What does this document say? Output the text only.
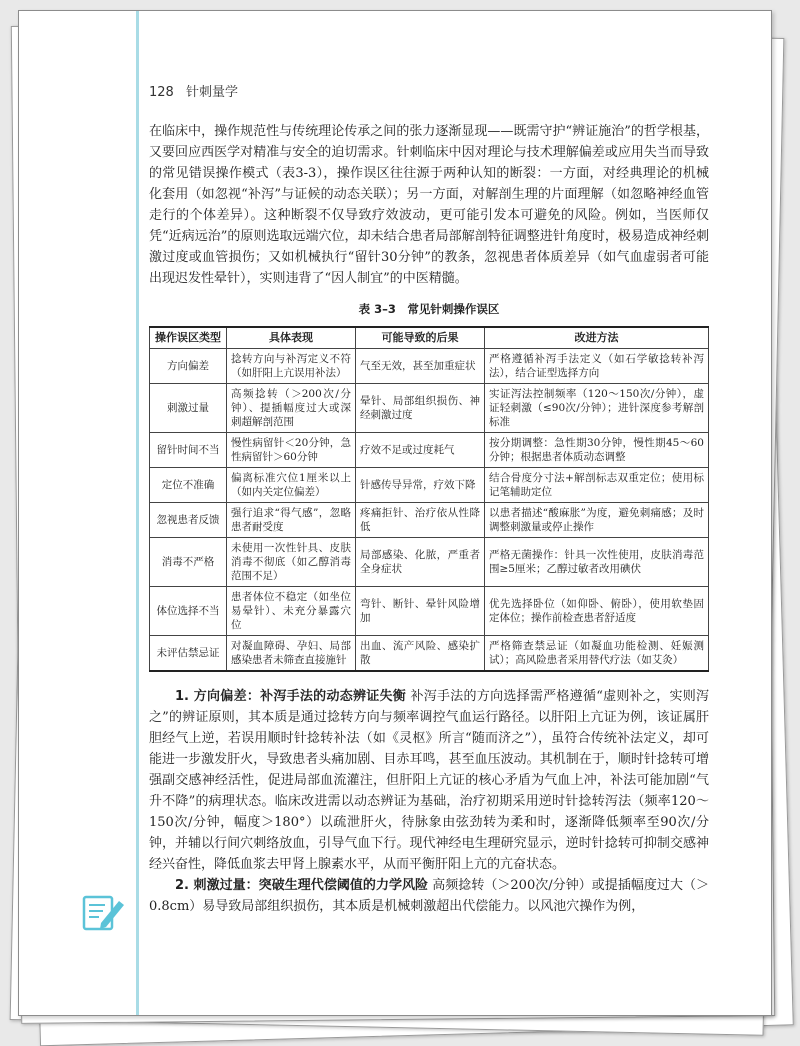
128 针刺量学

在临床中，操作规范性与传统理论传承之间的张力逐渐显现——既需守护“辨证施治”的哲学根基，又要回应西医学对精准与安全的迫切需求。针刺临床中因对理论与技术理解偏差或应用失当而导致的常见错误操作模式（表3-3），操作误区往往源于两种认知的断裂：一方面，对经典理论的机械化套用（如忽视“补泻”与证候的动态关联）；另一方面，对解剖生理的片面理解（如忽略神经血管走行的个体差异）。这种断裂不仅导致疗效波动，更可能引发本可避免的风险。例如，当医师仅凭“近病远治”的原则选取远端穴位，却未结合患者局部解剖特征调整进针角度时，极易造成神经刺激过度或血管损伤；又如机械执行“留针30分钟”的教条，忽视患者体质差异（如气血虚弱者可能出现迟发性晕针），实则违背了“因人制宜”的中医精髓。

表 3–3　常见针刺操作误区
操作误区类型	具体表现	可能导致的后果	改进方法
方向偏差	捻转方向与补泻定义不符（如肝阳上亢误用补法）	气至无效，甚至加重症状	严格遵循补泻手法定义（如石学敏捻转补泻法），结合证型选择方向
刺激过量	高频捻转（＞200次/分钟）、提插幅度过大或深刺超解剖范围	晕针、局部组织损伤、神经刺激过度	实证泻法控制频率（120～150次/分钟），虚证轻刺激（≤90次/分钟）；进针深度参考解剖标准
留针时间不当	慢性病留针＜20分钟，急性病留针＞60分钟	疗效不足或过度耗气	按分期调整：急性期30分钟，慢性期45～60分钟；根据患者体质动态调整
定位不准确	偏离标准穴位1厘米以上（如内关定位偏差）	针感传导异常，疗效下降	结合骨度分寸法+解剖标志双重定位；使用标记笔辅助定位
忽视患者反馈	强行追求“得气感”，忽略患者耐受度	疼痛拒针、治疗依从性降低	以患者描述“酸麻胀”为度，避免刺痛感；及时调整刺激量或停止操作
消毒不严格	未使用一次性针具、皮肤消毒不彻底（如乙醇消毒范围不足）	局部感染、化脓，严重者全身症状	严格无菌操作：针具一次性使用，皮肤消毒范围≥5厘米；乙醇过敏者改用碘伏
体位选择不当	患者体位不稳定（如坐位易晕针）、未充分暴露穴位	弯针、断针、晕针风险增加	优先选择卧位（如仰卧、俯卧），使用软垫固定体位；操作前检查患者舒适度
未评估禁忌证	对凝血障碍、孕妇、局部感染患者未筛查直接施针	出血、流产风险、感染扩散	严格筛查禁忌证（如凝血功能检测、妊娠测试）；高风险患者采用替代疗法（如艾灸）

1. 方向偏差：补泻手法的动态辨证失衡 补泻手法的方向选择需严格遵循“虚则补之，实则泻之”的辨证原则，其本质是通过捻转方向与频率调控气血运行路径。以肝阳上亢证为例，该证属肝胆经气上逆，若误用顺时针捻转补法（如《灵枢》所言“随而济之”），虽符合传统补法定义，却可能进一步激发肝火，导致患者头痛加剧、目赤耳鸣，甚至血压波动。其机制在于，顺时针捻转可增强副交感神经活性，促进局部血流灌注，但肝阳上亢证的核心矛盾为气血上冲，补法可能加剧“气升不降”的病理状态。临床改进需以动态辨证为基础，治疗初期采用逆时针捻转泻法（频率120～150次/分钟，幅度＞180°）以疏泄肝火，待脉象由弦劲转为柔和时，逐渐降低频率至90次/分钟，并辅以行间穴刺络放血，引导气血下行。现代神经电生理研究显示，逆时针捻转可抑制交感神经兴奋性，降低血浆去甲肾上腺素水平，从而平衡肝阳上亢的亢奋状态。

2. 刺激过量：突破生理代偿阈值的力学风险 高频捻转（＞200次/分钟）或提插幅度过大（＞0.8cm）易导致局部组织损伤，其本质是机械刺激超出代偿能力。以风池穴操作为例，
